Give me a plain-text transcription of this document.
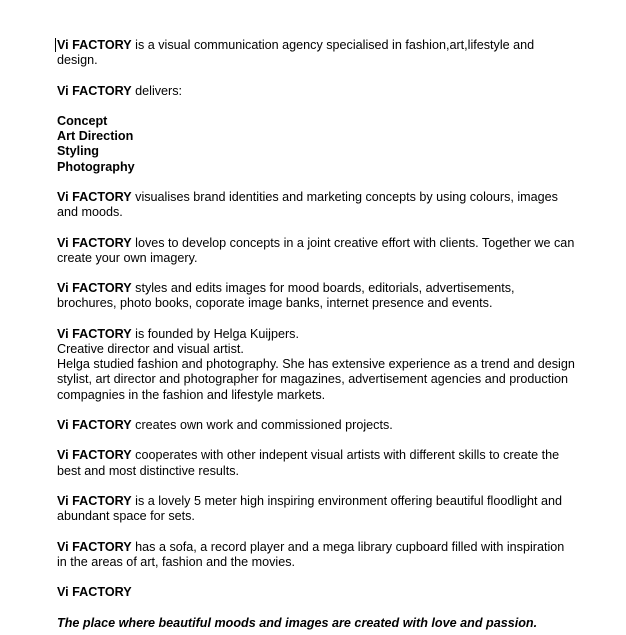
Vi FACTORY is a visual communication agency specialised in fashion,art,lifestyle and design.

Vi FACTORY delivers:

Concept

Art Direction

Styling

Photography

Vi FACTORY visualises brand identities and marketing concepts by using colours, images and moods.

Vi FACTORY loves to develop concepts in a joint creative effort with clients. Together we can create your own imagery.

Vi FACTORY styles and edits images for mood boards, editorials, advertisements, brochures, photo books, coporate image banks, internet presence and events.

Vi FACTORY is founded by Helga Kuijpers.

Creative director and visual artist.

Helga studied fashion and photography. She has extensive experience as a trend and design stylist, art director and photographer for magazines, advertisement agencies and production compagnies in the fashion and lifestyle markets.

Vi FACTORY creates own work and commissioned projects.

Vi FACTORY cooperates with other indepent visual artists with different skills to create the best and most distinctive results.

Vi FACTORY is a lovely 5 meter high inspiring environment offering beautiful floodlight and abundant space for sets.

Vi FACTORY has a sofa, a record player and a mega library cupboard filled with inspiration in the areas of art, fashion and the movies.

Vi FACTORY

The place where beautiful moods and images are created with love and passion.
